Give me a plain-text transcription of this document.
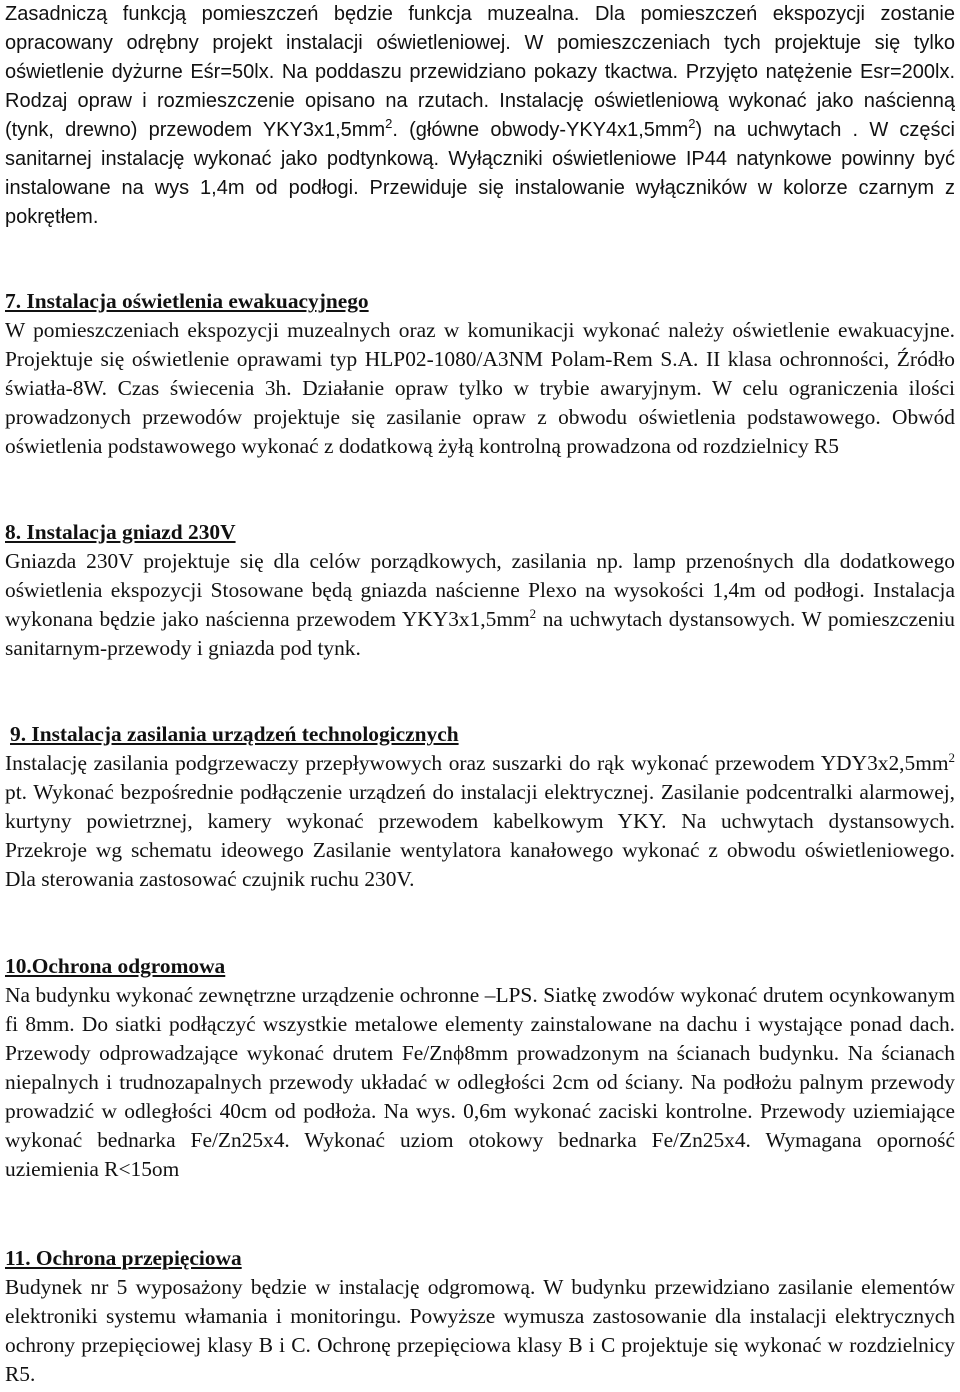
Zasadniczą funkcją pomieszczeń będzie funkcja muzealna. Dla pomieszczeń ekspozycji zostanie opracowany odrębny projekt instalacji oświetleniowej. W pomieszczeniach tych projektuje się tylko oświetlenie dyżurne Eśr=50lx. Na poddaszu przewidziano pokazy tkactwa. Przyjęto natężenie Esr=200lx. Rodzaj opraw i rozmieszczenie opisano na rzutach. Instalację oświetleniową wykonać jako naścienną (tynk, drewno) przewodem $YKY3x1,5mm^2$. (główne obwody-$YKY4x1,5mm^2$) na uchwytach . W części sanitarnej instalację wykonać jako podtynkową. Wyłączniki oświetleniowe IP44 natynkowe powinny być instalowane na wys 1,4m od podłogi. Przewiduje się instalowanie wyłączników w kolorze czarnym z pokrętłem.

7. Instalacja oświetlenia ewakuacyjnego

W pomieszczeniach ekspozycji muzealnych oraz w komunikacji wykonać należy oświetlenie ewakuacyjne. Projektuje się oświetlenie oprawami typ HLP02-1080/A3NM Polam-Rem S.A. II klasa ochronności, Źródło światła-8W. Czas świecenia 3h. Działanie opraw tylko w trybie awaryjnym. W celu ograniczenia ilości prowadzonych przewodów projektuje się zasilanie opraw z obwodu oświetlenia podstawowego. Obwód oświetlenia podstawowego wykonać z dodatkową żyłą kontrolną prowadzona od rozdzielnicy R5

8. Instalacja gniazd 230V

Gniazda 230V projektuje się dla celów porządkowych, zasilania np. lamp przenośnych dla dodatkowego oświetlenia ekspozycji Stosowane będą gniazda naścienne Plexo na wysokości 1,4m od podłogi. Instalacja wykonana będzie jako naścienna przewodem $YKY3x1,5mm^2$ na uchwytach dystansowych. W pomieszczeniu sanitarnym-przewody i gniazda pod tynk.

9. Instalacja zasilania urządzeń technologicznych

Instalację zasilania podgrzewaczy przepływowych oraz suszarki do rąk wykonać przewodem $YDY3x2,5mm^2$ pt. Wykonać bezpośrednie podłączenie urządzeń do instalacji elektrycznej. Zasilanie podcentralki alarmowej, kurtyny powietrznej, kamery wykonać przewodem kabelkowym YKY. Na uchwytach dystansowych. Przekroje wg schematu ideowego Zasilanie wentylatora kanałowego wykonać z obwodu oświetleniowego. Dla sterowania zastosować czujnik ruchu 230V.

10.Ochrona odgromowa

Na budynku wykonać zewnętrzne urządzenie ochronne –LPS. Siatkę zwodów wykonać drutem ocynkowanym fi 8mm. Do siatki podłączyć wszystkie metalowe elementy zainstalowane na dachu i wystające ponad dach. Przewody odprowadzające wykonać drutem Fe/Znϕ8mm prowadzonym na ścianach budynku. Na ścianach niepalnych i trudnozapalnych przewody układać w odległości 2cm od ściany. Na podłożu palnym przewody prowadzić w odległości 40cm od podłoża. Na wys. 0,6m wykonać zaciski kontrolne. Przewody uziemiające wykonać bednarka Fe/Zn25x4. Wykonać uziom otokowy bednarka Fe/Zn25x4. Wymagana oporność uziemienia R<15om

11. Ochrona przepięciowa

Budynek nr 5 wyposażony będzie w instalację odgromową. W budynku przewidziano zasilanie elementów elektroniki systemu włamania i monitoringu. Powyższe wymusza zastosowanie dla instalacji elektrycznych ochrony przepięciowej klasy B i C. Ochronę przepięciowa klasy B i C projektuje się wykonać w rozdzielnicy R5.
